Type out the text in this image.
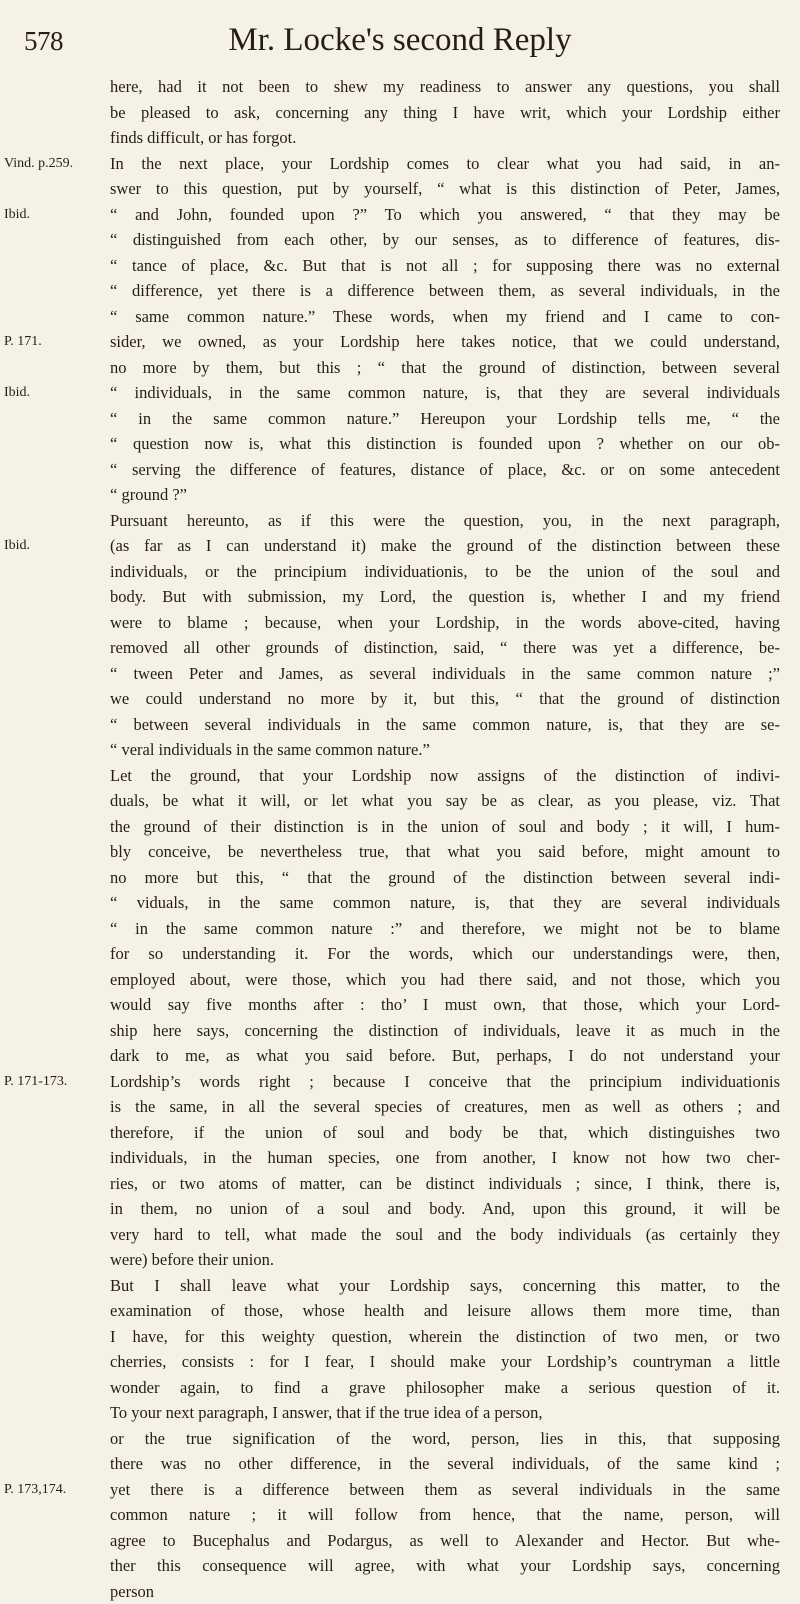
578	Mr. Locke's second Reply
here, had it not been to shew my readiness to answer any questions, you shall
be pleased to ask, concerning any thing I have writ, which your Lordship either
finds difficult, or has forgot.
In the next place, your Lordship comes to clear what you had said, in an-
swer to this question, put by yourself, “ what is this distinction of Peter, James,
“ and John, founded upon ?” To which you answered, “ that they may be
“ distinguished from each other, by our senses, as to difference of features, dis-
“ tance of place, &c. But that is not all ; for supposing there was no external
“ difference, yet there is a difference between them, as several individuals, in the
“ same common nature.” These words, when my friend and I came to con-
sider, we owned, as your Lordship here takes notice, that we could understand,
no more by them, but this ; “ that the ground of distinction, between several
“ individuals, in the same common nature, is, that they are several individuals
“ in the same common nature.” Hereupon your Lordship tells me, “ the
“ question now is, what this distinction is founded upon ? whether on our ob-
“ serving the difference of features, distance of place, &c. or on some antecedent
“ ground ?”
Pursuant hereunto, as if this were the question, you, in the next paragraph,
(as far as I can understand it) make the ground of the distinction between these
individuals, or the principium individuationis, to be the union of the soul and
body. But with submission, my Lord, the question is, whether I and my friend
were to blame ; because, when your Lordship, in the words above-cited, having
removed all other grounds of distinction, said, “ there was yet a difference, be-
“ tween Peter and James, as several individuals in the same common nature ;”
we could understand no more by it, but this, “ that the ground of distinction
“ between several individuals in the same common nature, is, that they are se-
“ veral individuals in the same common nature.”
Let the ground, that your Lordship now assigns of the distinction of indivi-
duals, be what it will, or let what you say be as clear, as you please, viz. That
the ground of their distinction is in the union of soul and body ; it will, I hum-
bly conceive, be nevertheless true, that what you said before, might amount to
no more but this, “ that the ground of the distinction between several indi-
“ viduals, in the same common nature, is, that they are several individuals
“ in the same common nature :” and therefore, we might not be to blame
for so understanding it. For the words, which our understandings were, then,
employed about, were those, which you had there said, and not those, which you
would say five months after : tho’ I must own, that those, which your Lord-
ship here says, concerning the distinction of individuals, leave it as much in the
dark to me, as what you said before. But, perhaps, I do not understand your
Lordship’s words right ; because I conceive that the principium individuationis
is the same, in all the several species of creatures, men as well as others ; and
therefore, if the union of soul and body be that, which distinguishes two
individuals, in the human species, one from another, I know not how two cher-
ries, or two atoms of matter, can be distinct individuals ; since, I think, there is,
in them, no union of a soul and body. And, upon this ground, it will be
very hard to tell, what made the soul and the body individuals (as certainly they
were) before their union.
But I shall leave what your Lordship says, concerning this matter, to the
examination of those, whose health and leisure allows them more time, than
I have, for this weighty question, wherein the distinction of two men, or two
cherries, consists : for I fear, I should make your Lordship’s countryman a little
wonder again, to find a grave philosopher make a serious question of it.
To your next paragraph, I answer, that if the true idea of a person,
or the true signification of the word, person, lies in this, that supposing
there was no other difference, in the several individuals, of the same kind ;
yet there is a difference between them as several individuals in the same
common nature ; it will follow from hence, that the name, person, will
agree to Bucephalus and Podargus, as well to Alexander and Hector. But whe-
ther this consequence will agree, with what your Lordship says, concerning
person
Vind. p.259.
Ibid.
P. 171.
Ibid.
Ibid.
P. 171-173.
P. 173,174.
